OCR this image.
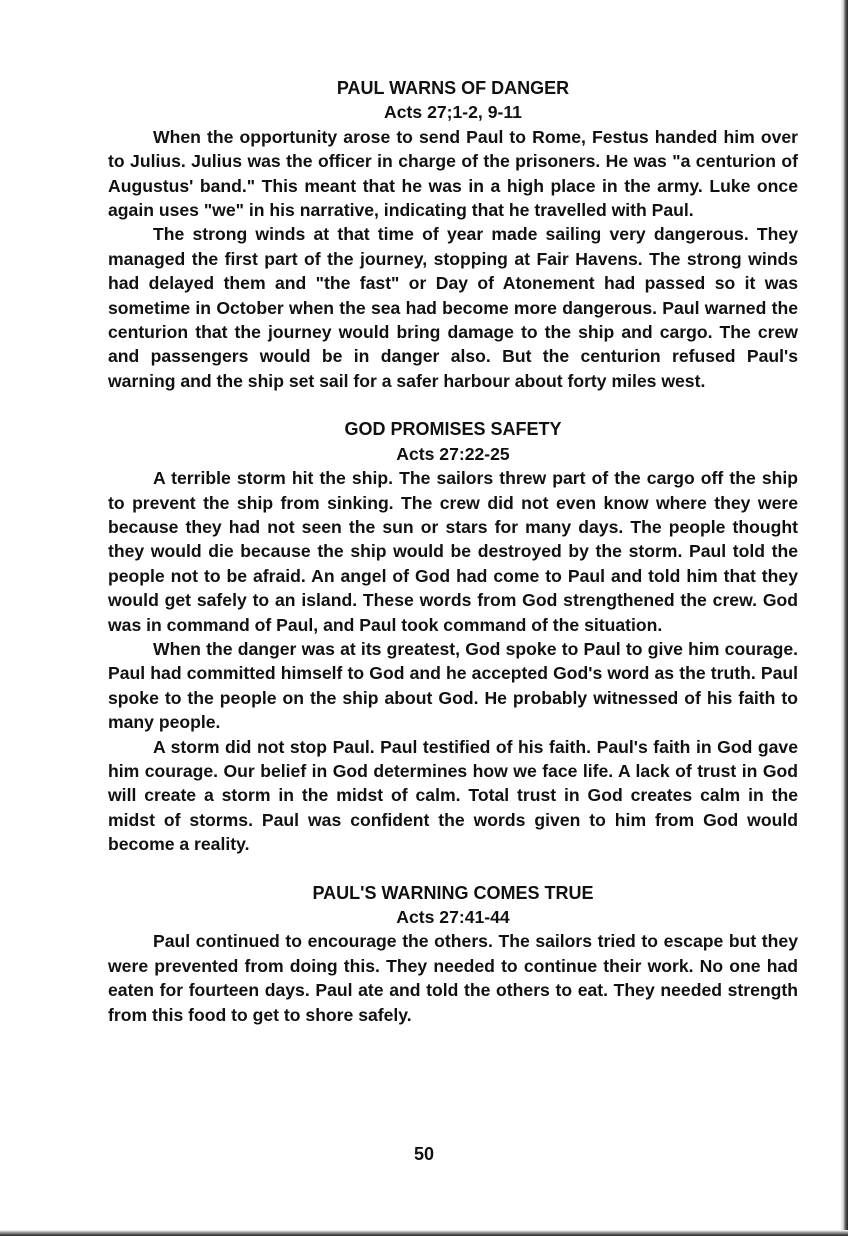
PAUL WARNS OF DANGER

Acts 27;1-2, 9-11

When the opportunity arose to send Paul to Rome, Festus handed him over to Julius. Julius was the officer in charge of the prisoners. He was "a centurion of Augustus' band." This meant that he was in a high place in the army. Luke once again uses "we" in his narrative, indicating that he travelled with Paul.

The strong winds at that time of year made sailing very dangerous. They managed the first part of the journey, stopping at Fair Havens. The strong winds had delayed them and "the fast" or Day of Atonement had passed so it was sometime in October when the sea had become more dangerous. Paul warned the centurion that the journey would bring damage to the ship and cargo. The crew and passengers would be in danger also. But the centurion refused Paul's warning and the ship set sail for a safer harbour about forty miles west.

GOD PROMISES SAFETY

Acts 27:22-25

A terrible storm hit the ship. The sailors threw part of the cargo off the ship to prevent the ship from sinking. The crew did not even know where they were because they had not seen the sun or stars for many days. The people thought they would die because the ship would be destroyed by the storm. Paul told the people not to be afraid. An angel of God had come to Paul and told him that they would get safely to an island. These words from God strengthened the crew. God was in command of Paul, and Paul took command of the situation.

When the danger was at its greatest, God spoke to Paul to give him courage. Paul had committed himself to God and he accepted God's word as the truth. Paul spoke to the people on the ship about God. He probably witnessed of his faith to many people.

A storm did not stop Paul. Paul testified of his faith. Paul's faith in God gave him courage. Our belief in God determines how we face life. A lack of trust in God will create a storm in the midst of calm. Total trust in God creates calm in the midst of storms. Paul was confident the words given to him from God would become a reality.

PAUL'S WARNING COMES TRUE

Acts 27:41-44

Paul continued to encourage the others. The sailors tried to escape but they were prevented from doing this. They needed to continue their work. No one had eaten for fourteen days. Paul ate and told the others to eat. They needed strength from this food to get to shore safely.

50
